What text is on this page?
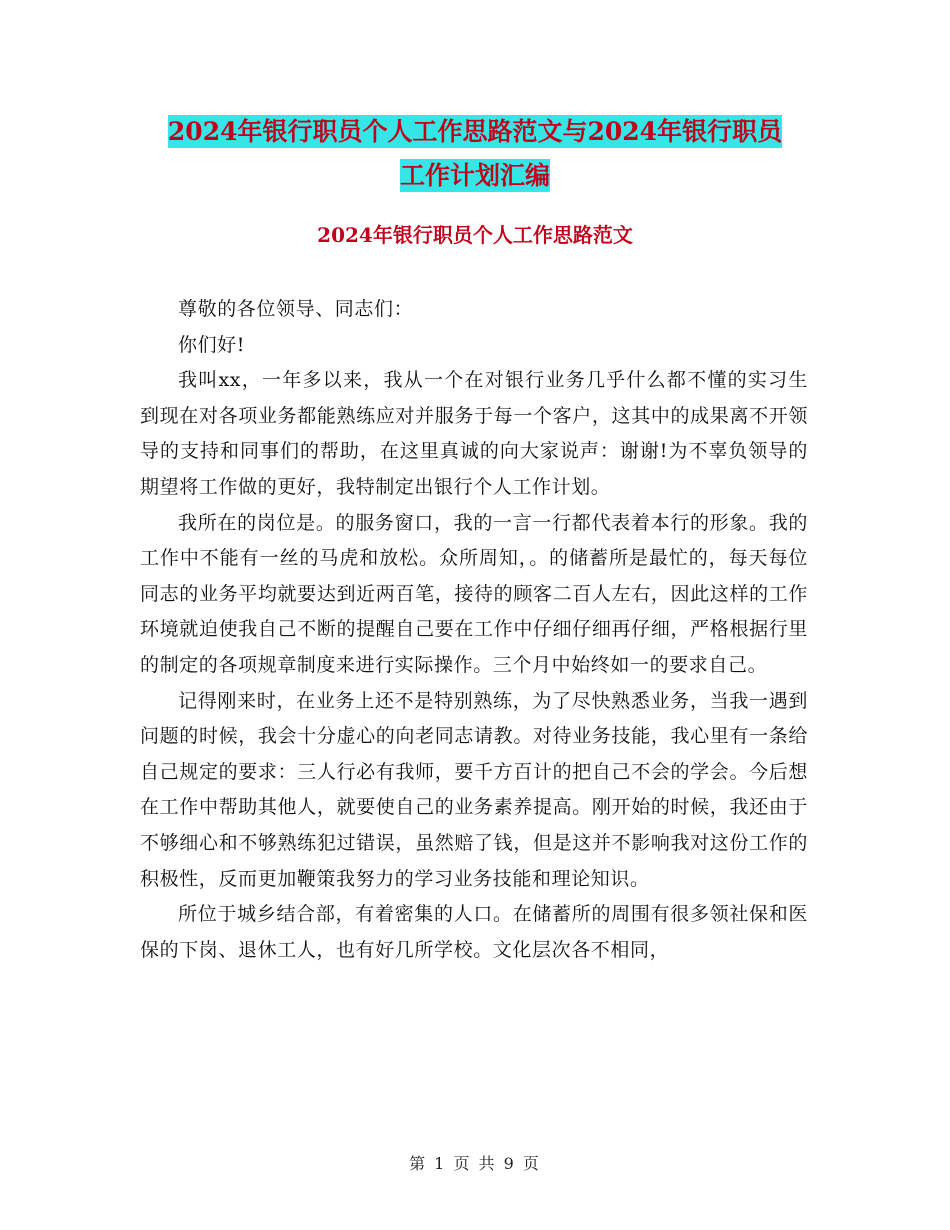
2024年银行职员个人工作思路范文与2024年银行职员
工作计划汇编
2024年银行职员个人工作思路范文

尊敬的各位领导、同志们：

你们好!

我叫xx，一年多以来，我从一个在对银行业务几乎什么都不懂的实习生到现在对各项业务都能熟练应对并服务于每一个客户，这其中的成果离不开领导的支持和同事们的帮助，在这里真诚的向大家说声：谢谢!为不辜负领导的期望将工作做的更好，我特制定出银行个人工作计划。

我所在的岗位是。的服务窗口，我的一言一行都代表着本行的形象。我的工作中不能有一丝的马虎和放松。众所周知，。的储蓄所是最忙的，每天每位同志的业务平均就要达到近两百笔，接待的顾客二百人左右，因此这样的工作环境就迫使我自己不断的提醒自己要在工作中仔细仔细再仔细，严格根据行里的制定的各项规章制度来进行实际操作。三个月中始终如一的要求自己。

记得刚来时，在业务上还不是特别熟练，为了尽快熟悉业务，当我一遇到问题的时候，我会十分虚心的向老同志请教。对待业务技能，我心里有一条给自己规定的要求：三人行必有我师，要千方百计的把自己不会的学会。今后想在工作中帮助其他人，就要使自己的业务素养提高。刚开始的时候，我还由于不够细心和不够熟练犯过错误，虽然赔了钱，但是这并不影响我对这份工作的积极性，反而更加鞭策我努力的学习业务技能和理论知识。

所位于城乡结合部，有着密集的人口。在储蓄所的周围有很多领社保和医保的下岗、退休工人，也有好几所学校。文化层次各不相同，

第 1 页 共 9 页
